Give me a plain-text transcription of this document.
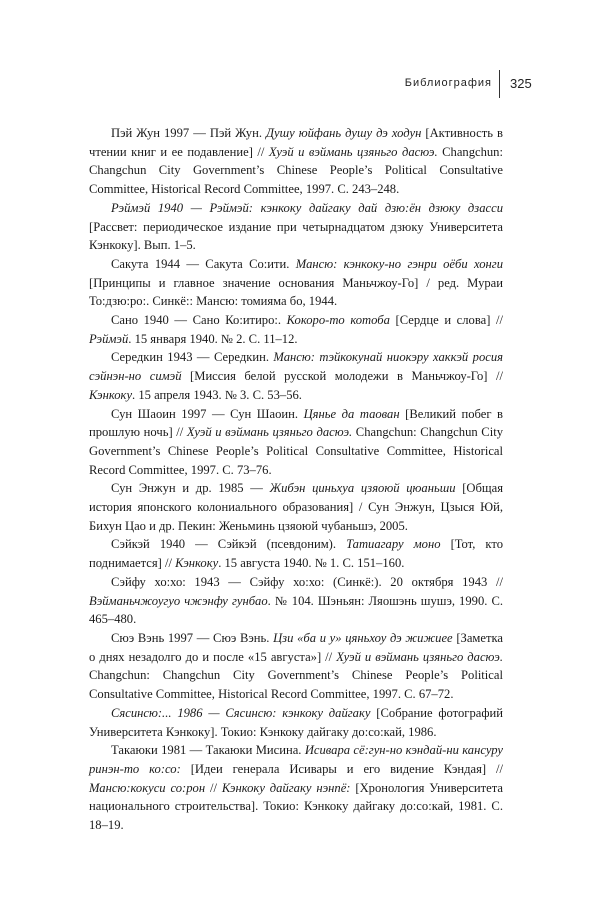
Библиография 325

Пэй Жун 1997 — Пэй Жун. Душу юйфань душу дэ ходун [Активность в чтении книг и ее подавление] // Хуэй и вэймань цзяньго дасюэ. Changchun: Changchun City Government’s Chinese People’s Political Consultative Committee, Historical Record Committee, 1997. С. 243–248.

Рэймэй 1940 — Рэймэй: кэнкоку дайгаку дай дзю:ён дзюку дзасси [Рассвет: периодическое издание при четырнадцатом дзюку Университета Кэнкоку]. Вып. 1–5.

Сакута 1944 — Сакута Со:ити. Мансю: кэнкоку-но гэнри оёби хонги [Принципы и главное значение основания Маньчжоу-Го] / ред. Мураи То:дзю:ро:. Синкё:: Мансю: томияма бо, 1944.

Сано 1940 — Сано Ко:итиро:. Кокоро-то котоба [Сердце и слова] // Рэймэй. 15 января 1940. № 2. С. 11–12.

Середкин 1943 — Середкин. Мансю: тэйкокунай ниокэру хаккэй росия сэйнэн-но симэй [Миссия белой русской молодежи в Маньчжоу-Го] // Кэнкоку. 15 апреля 1943. № 3. С. 53–56.

Сун Шаоин 1997 — Сун Шаоин. Цянье да таован [Великий побег в прошлую ночь] // Хуэй и вэймань цзяньго дасюэ. Changchun: Changchun City Government’s Chinese People’s Political Consultative Committee, Historical Record Committee, 1997. С. 73–76.

Сун Энжун и др. 1985 — Жибэн циньхуа цзяоюй цюаньши [Общая история японского колониального образования] / Сун Энжун, Цзыся Юй, Бихун Цао и др. Пекин: Женьминь цзяоюй чубаньшэ, 2005.

Сэйкэй 1940 — Сэйкэй (псевдоним). Татиагару моно [Тот, кто поднимается] // Кэнкоку. 15 августа 1940. № 1. С. 151–160.

Сэйфу хо:хо: 1943 — Сэйфу хо:хо: (Синкё:). 20 октября 1943 // Вэйманьчжоугуо чжэнфу гунбао. № 104. Шэньян: Ляошэнь шушэ, 1990. С. 465–480.

Сюэ Вэнь 1997 — Сюэ Вэнь. Цзи «ба и у» цяньхоу дэ жижиее [Заметка о днях незадолго до и после «15 августа»] // Хуэй и вэймань цзяньго дасюэ. Changchun: Changchun City Government’s Chinese People’s Political Consultative Committee, Historical Record Committee, 1997. С. 67–72.

Сясинсю:... 1986 — Сясинсю: кэнкоку дайгаку [Собрание фотографий Университета Кэнкоку]. Токио: Кэнкоку дайгаку до:со:кай, 1986.

Такаюки 1981 — Такаюки Мисина. Исивара сё:гун-но кэндай-ни кансуру ринэн-то ко:со: [Идеи генерала Исивары и его видение Кэндая] // Мансю:кокуси со:рон // Кэнкоку дайгаку нэнпё: [Хронология Университета национального строительства]. Токио: Кэнкоку дайгаку до:со:кай, 1981. С. 18–19.
